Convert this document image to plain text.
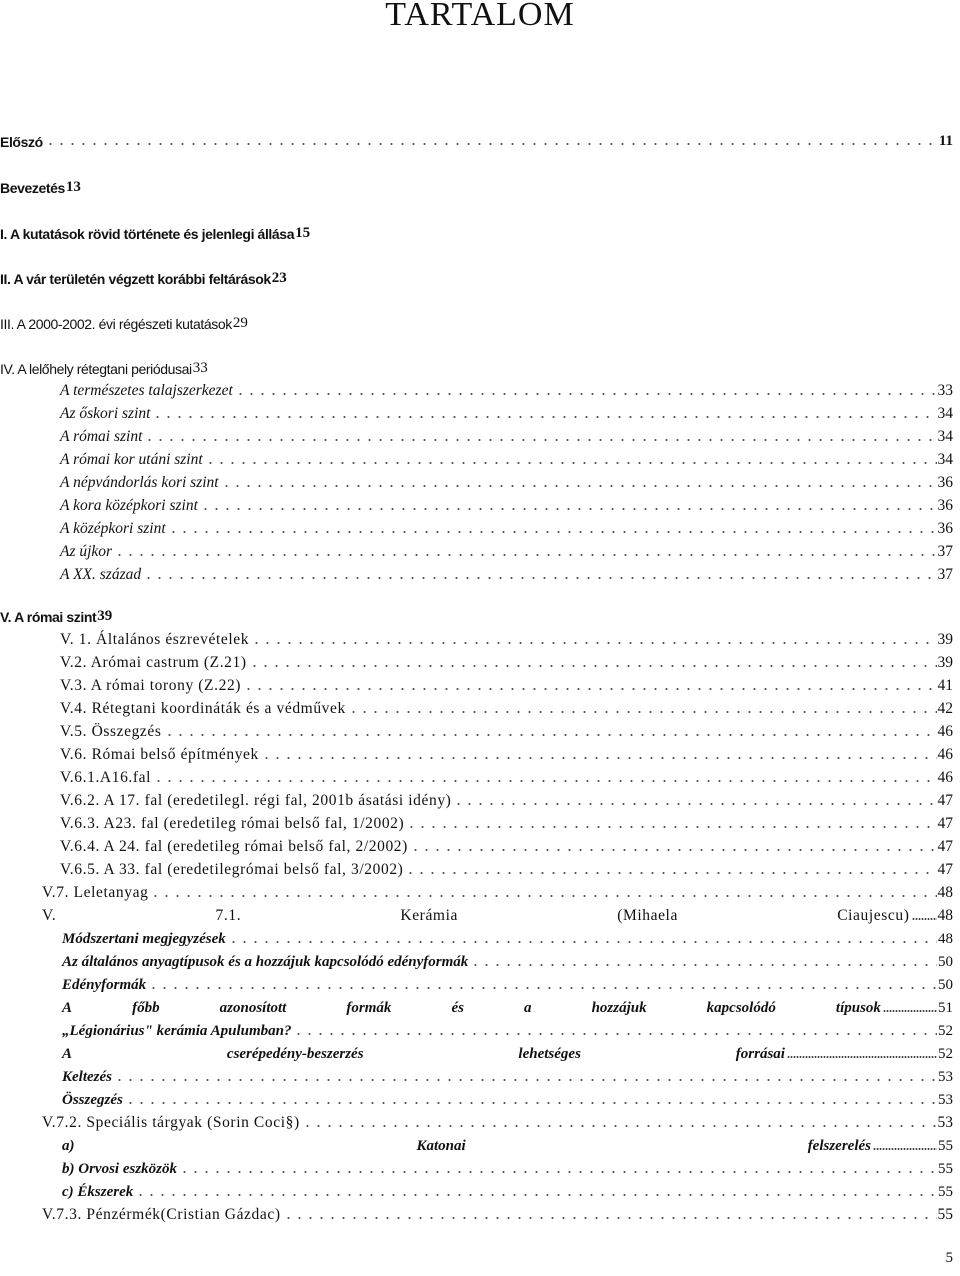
TARTALOM
Előszó	11
Bevezetés 13
I. A kutatások rövid története és jelenlegi állása 15
II. A vár területén végzett korábbi feltárások 23
III. A 2000-2002. évi régészeti kutatások 29
IV. A lelőhely rétegtani periódusai 33
A természetes talajszerkezet	33
Az őskori szint	34
A római szint	34
A római kor utáni szint	34
A népvándorlás kori szint	36
A kora középkori szint	36
A középkori szint	36
Az újkor	37
A XX. század	37
V. A római szint 39
V. 1. Általános észrevételek	39
V.2. Arómai castrum (Z.21)	39
V.3. A római torony (Z.22)	41
V.4. Rétegtani koordináták és a védművek	42
V.5. Összegzés	46
V.6. Római belső építmények	46
V.6.1.A16.fal	46
V.6.2. A 17. fal (eredetilegl. régi fal, 2001b ásatási idény)	47
V.6.3. A23. fal (eredetileg római belső fal, 1/2002)	47
V.6.4. A 24. fal (eredetileg római belső fal, 2/2002)	47
V.6.5. A 33. fal (eredetilegrómai belső fal, 3/2002)	47
V.7. Leletanyag	48
V.	7.1.	Kerámia	(Mihaela	Ciaujescu) 48
Módszertani megjegyzések	48
Az általános anyagtípusok és a hozzájuk kapcsolódó edényformák	50
Edényformák	50
A	főbb	azonosított	formák	és	a	hozzájuk	kapcsolódó	típusok	51
„Légionárius" kerámia Apulumban?	52
A	cserépedény-beszerzés	lehetséges	forrásai	52
Keltezés	53
Összegzés	53
V.7.2. Speciális tárgyak (Sorin Coci§)	53
a)	Katonai	felszerelés	55
b) Orvosi eszközök	55
c) Ékszerek	55
V.7.3. Pénzérmék(Cristian Gázdac)	55
5
